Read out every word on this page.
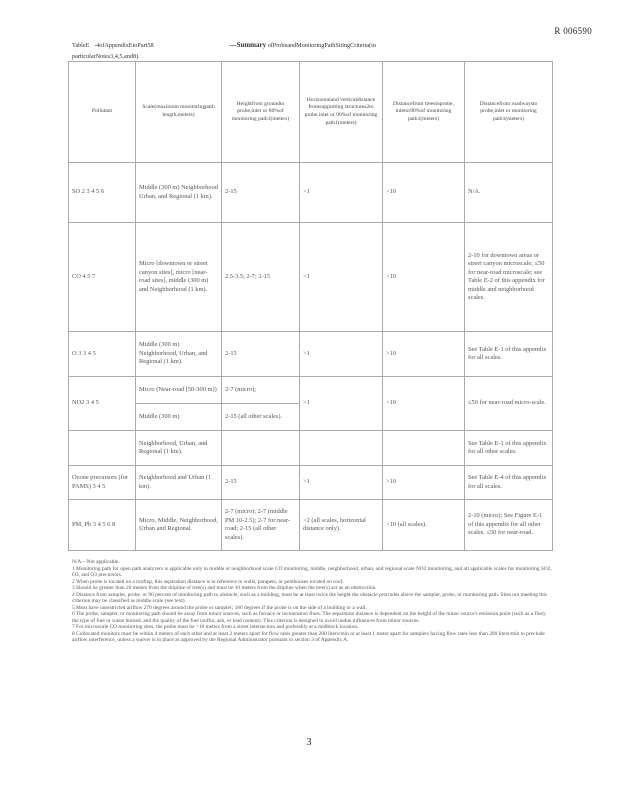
R 006590
TableE -4ofAppendixEtoPart58	—Summary ofProbeandMonitoringPathSitingCriteria(in
particularNotes3,4,5,and8).
Pollutant	Scale(maximum monitoringpath length,meters)	Heightfrom groundto probe,inlet or 80%of monitoring path1(meters)	Horizontaland verticaldistance fromsupporting structures2to probe,inlet or 90%of monitoring path1(meters)	Distancefrom treestoprobe, inletor90%of monitoring path1(meters)	Distancefrom roadwaysto probe,inlet or monitoring path1(meters)
SO 2 3 4 5 6	Middle (300 m) Neighborhood Urban, and Regional (1 km).	2-15	>1	>10	N/A.
CO 4 5 7	Micro [downtown or street canyon sites], micro [near-road sites], middle (300 m) and Neighborhood (1 km).	2.5-3.5; 2-7; 2-15	>1	>10	2-10 for downtown areas or street canyon microscale; ≤50 for near-road microscale; see Table E-2 of this appendix for middle and neighborhood scales.
O 3 3 4 5	Middle (300 m) Neighborhood, Urban, and Regional (1 km).	2-15	>1	>10	See Table E-1 of this appendix for all scales.
NO2 3 4 5	Micro (Near-road [50-300 m])	2-7 (micro);	>1	>10	≤50 for near-road micro-scale.
	Middle (300 m)	2-15 (all other scales).			
	Neighborhood, Urban, and Regional (1 km).				See Table E-1 of this appendix for all other scales.
Ozone precursors (for PAMS) 3 4 5	Neighborhood and Urban (1 km).	2-15	>1	>10	See Table E-4 of this appendix for all scales.
PM, Pb 3 4 5 6 8	Micro, Middle, Neighborhood, Urban and Regional.	2-7 (micro); 2-7 (middle PM 10-2.5); 2-7 for near-road; 2-15 (all other scales).	>2 (all scales, horizontal distance only).	>10 (all scales).	2-10 (micro); See Figure E-1 of this appendix for all other scales. ≤50 for near-road.

N/A—Not applicable.

1 Monitoring path for open path analyzers is applicable only to middle or neighborhood scale CO monitoring, middle, neighborhood, urban, and regional scale NO2 monitoring, and all applicable scales for monitoring SO2, O3, and O3 precursors.

2 When probe is located on a rooftop, this separation distance is in reference to walls, parapets, or penthouses located on roof.

3 Should be greater than 20 meters from the dripline of tree(s) and must be 10 meters from the dripline when the tree(s) act as an obstruction.

4 Distance from sampler, probe, or 90 percent of monitoring path to obstacle, such as a building, must be at least twice the height the obstacle protrudes above the sampler, probe, or monitoring path. Sites not meeting this criterion may be classified as middle scale (see text).

5 Must have unrestricted airflow 270 degrees around the probe or sampler; 180 degrees if the probe is on the side of a building or a wall.

6 The probe, sampler, or monitoring path should be away from minor sources, such as furnace or incineration flues. The separation distance is dependent on the height of the minor source's emission point (such as a flue), the type of fuel or waste burned, and the quality of the fuel (sulfur, ash, or lead content). This criterion is designed to avoid undue influences from minor sources.

7 For microscale CO monitoring sites, the probe must be >10 meters from a street intersection and preferably at a midblock location.

8 Collocated monitors must be within 4 meters of each other and at least 2 meters apart for flow rates greater than 200 liters/min or at least 1 meter apart for samplers having flow rates less than 200 liters/min to preclude airflow interference, unless a waiver is in place as approved by the Regional Administrator pursuant to section 3 of Appendix A.

3
